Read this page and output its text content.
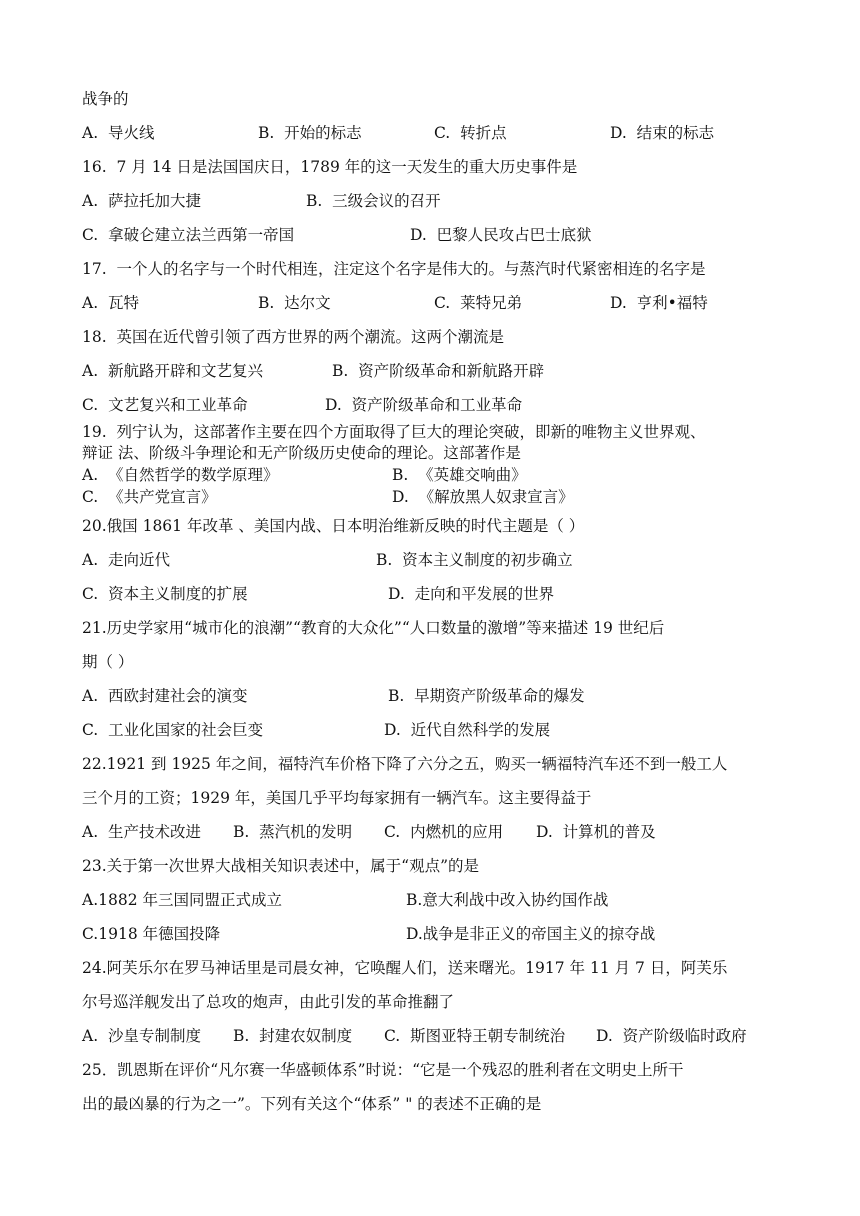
战争的
A.  导火线	B.  开始的标志	C.  转折点	D.  结束的标志
16.  7 月 14 日是法国国庆日，1789 年的这一天发生的重大历史事件是
A.  萨拉托加大捷	B.  三级会议的召开
C.  拿破仑建立法兰西第一帝国	D.  巴黎人民攻占巴士底狱
17.  一个人的名字与一个时代相连，注定这个名字是伟大的。与蒸汽时代紧密相连的名字是
A.  瓦特	B.  达尔文	C.  莱特兄弟	D.  亨利•福特
18.  英国在近代曾引领了西方世界的两个潮流。这两个潮流是
A.  新航路开辟和文艺复兴	B.  资产阶级革命和新航路开辟
C.  文艺复兴和工业革命	D.  资产阶级革命和工业革命
19.  列宁认为，这部著作主要在四个方面取得了巨大的理论突破，即新的唯物主义世界观、
辩证 法、阶级斗争理论和无产阶级历史使命的理论。这部著作是
A.  《自然哲学的数学原理》	B.  《英雄交响曲》
C.  《共产党宣言》	D.  《解放黑人奴隶宣言》
20.俄国 1861 年改革 、美国内战、日本明治维新反映的时代主题是（ ）
A.  走向近代	B.  资本主义制度的初步确立
C.  资本主义制度的扩展	D.  走向和平发展的世界
21.历史学家用“城市化的浪潮”“教育的大众化”“人口数量的激增”等来描述 19 世纪后
期（ ）
A.  西欧封建社会的演变	B.  早期资产阶级革命的爆发
C.  工业化国家的社会巨变	D.  近代自然科学的发展
22.1921 到 1925 年之间，福特汽车价格下降了六分之五，购买一辆福特汽车还不到一般工人
三个月的工资；1929 年，美国几乎平均每家拥有一辆汽车。这主要得益于
A.  生产技术改进 B.  蒸汽机的发明 C.  内燃机的应用 D.  计算机的普及
23.关于第一次世界大战相关知识表述中，属于“观点”的是
A.1882 年三国同盟正式成立	B.意大利战中改入协约国作战
C.1918 年德国投降	D.战争是非正义的帝国主义的掠夺战
24.阿芙乐尔在罗马神话里是司晨女神，它唤醒人们，送来曙光。1917 年 11 月 7 日，阿芙乐
尔号巡洋舰发出了总攻的炮声，由此引发的革命推翻了
A.  沙皇专制制度 B.  封建农奴制度 C.  斯图亚特王朝专制统治 D.  资产阶级临时政府
25．凯恩斯在评价“凡尔赛一华盛顿体系”时说：“它是一个残忍的胜利者在文明史上所干
出的最凶暴的行为之一”。下列有关这个“体系” " 的表述不正确的是
